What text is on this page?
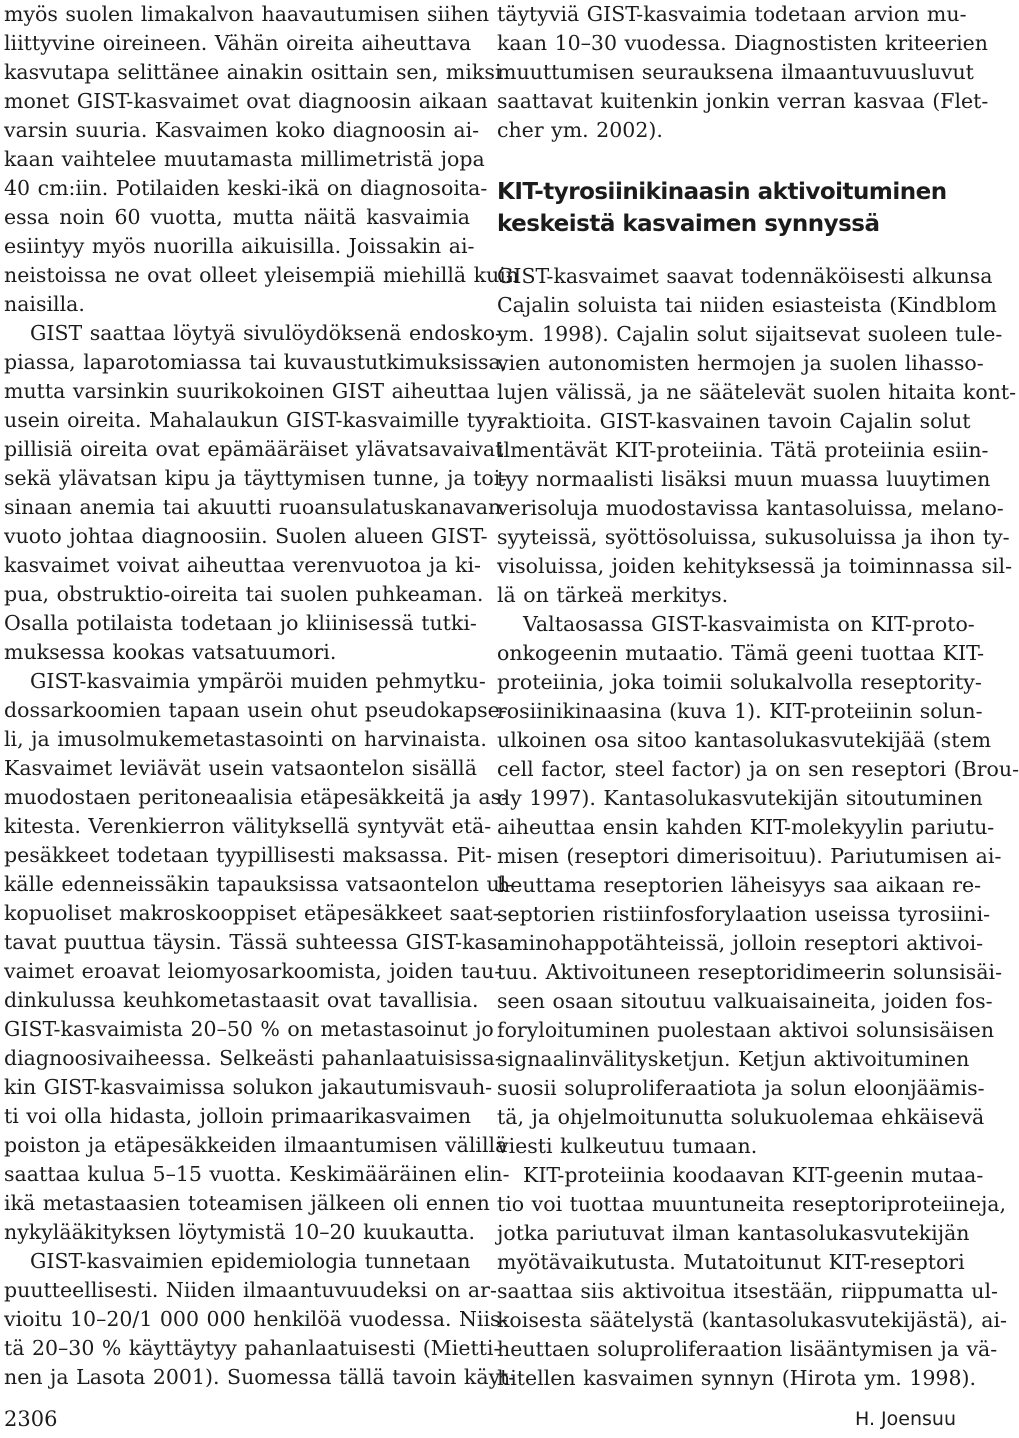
myös suolen limakalvon haavautumisen siihen
liittyvine oireineen. Vähän oireita aiheuttava
kasvutapa selittänee ainakin osittain sen, miksi
monet GIST-kasvaimet ovat diagnoosin aikaan
varsin suuria. Kasvaimen koko diagnoosin ai-
kaan vaihtelee muutamasta millimetristä jopa
40 cm:iin. Potilaiden keski-ikä on diagnosoita-
essa noin 60 vuotta, mutta näitä kasvaimia
esiintyy myös nuorilla aikuisilla. Joissakin ai-
neistoissa ne ovat olleet yleisempiä miehillä kuin
naisilla.
GIST saattaa löytyä sivulöydöksenä endosko-
piassa, laparotomiassa tai kuvaustutkimuksissa,
mutta varsinkin suurikokoinen GIST aiheuttaa
usein oireita. Mahalaukun GIST-kasvaimille tyy-
pillisiä oireita ovat epämääräiset ylävatsavaivat
sekä ylävatsan kipu ja täyttymisen tunne, ja toi-
sinaan anemia tai akuutti ruoansulatuskanavan
vuoto johtaa diagnoosiin. Suolen alueen GIST-
kasvaimet voivat aiheuttaa verenvuotoa ja ki-
pua, obstruktio-oireita tai suolen puhkeaman.
Osalla potilaista todetaan jo kliinisessä tutki-
muksessa kookas vatsatuumori.
GIST-kasvaimia ympäröi muiden pehmytku-
dossarkoomien tapaan usein ohut pseudokapse-
li, ja imusolmukemetastasointi on harvinaista.
Kasvaimet leviävät usein vatsaontelon sisällä
muodostaen peritoneaalisia etäpesäkkeitä ja as-
kitesta. Verenkierron välityksellä syntyvät etä-
pesäkkeet todetaan tyypillisesti maksassa. Pit-
källe edenneissäkin tapauksissa vatsaontelon ul-
kopuoliset makroskooppiset etäpesäkkeet saat-
tavat puuttua täysin. Tässä suhteessa GIST-kas-
vaimet eroavat leiomyosarkoomista, joiden tau-
dinkulussa keuhkometastaasit ovat tavallisia.
GIST-kasvaimista 20–50 % on metastasoinut jo
diagnoosivaiheessa. Selkeästi pahanlaatuisissa-
kin GIST-kasvaimissa solukon jakautumisvauh-
ti voi olla hidasta, jolloin primaarikasvaimen
poiston ja etäpesäkkeiden ilmaantumisen välillä
saattaa kulua 5–15 vuotta. Keskimääräinen elin-
ikä metastaasien toteamisen jälkeen oli ennen
nykylääkityksen löytymistä 10–20 kuukautta.
GIST-kasvaimien epidemiologia tunnetaan
puutteellisesti. Niiden ilmaantuvuudeksi on ar-
vioitu 10–20/1 000 000 henkilöä vuodessa. Niis-
tä 20–30 % käyttäytyy pahanlaatuisesti (Mietti-
nen ja Lasota 2001). Suomessa tällä tavoin käyt-
täytyviä GIST-kasvaimia todetaan arvion mu-
kaan 10–30 vuodessa. Diagnostisten kriteerien
muuttumisen seurauksena ilmaantuvuusluvut
saattavat kuitenkin jonkin verran kasvaa (Flet-
cher ym. 2002).
KIT-tyrosiinikinaasin aktivoituminen
keskeistä kasvaimen synnyssä
GIST-kasvaimet saavat todennäköisesti alkunsa
Cajalin soluista tai niiden esiasteista (Kindblom
ym. 1998). Cajalin solut sijaitsevat suoleen tule-
vien autonomisten hermojen ja suolen lihasso-
lujen välissä, ja ne säätelevät suolen hitaita kont-
raktioita. GIST-kasvainen tavoin Cajalin solut
ilmentävät KIT-proteiinia. Tätä proteiinia esiin-
tyy normaalisti lisäksi muun muassa luuytimen
verisoluja muodostavissa kantasoluissa, melano-
syyteissä, syöttösoluissa, sukusoluissa ja ihon ty-
visoluissa, joiden kehityksessä ja toiminnassa sil-
lä on tärkeä merkitys.
Valtaosassa GIST-kasvaimista on KIT-proto-
onkogeenin mutaatio. Tämä geeni tuottaa KIT-
proteiinia, joka toimii solukalvolla reseptority-
rosiinikinaasina (kuva 1). KIT-proteiinin solun-
ulkoinen osa sitoo kantasolukasvutekijää (stem
cell factor, steel factor) ja on sen reseptori (Brou-
dy 1997). Kantasolukasvutekijän sitoutuminen
aiheuttaa ensin kahden KIT-molekyylin pariutu-
misen (reseptori dimerisoituu). Pariutumisen ai-
heuttama reseptorien läheisyys saa aikaan re-
septorien ristiinfosforylaation useissa tyrosiini-
aminohappotähteissä, jolloin reseptori aktivoi-
tuu. Aktivoituneen reseptoridimeerin solunsisäi-
seen osaan sitoutuu valkuaisaineita, joiden fos-
foryloituminen puolestaan aktivoi solunsisäisen
signaalinvälitysketjun. Ketjun aktivoituminen
suosii soluproliferaatiota ja solun eloonjäämis-
tä, ja ohjelmoitunutta solukuolemaa ehkäisevä
viesti kulkeutuu tumaan.
KIT-proteiinia koodaavan KIT-geenin mutaa-
tio voi tuottaa muuntuneita reseptoriproteiineja,
jotka pariutuvat ilman kantasolukasvutekijän
myötävaikutusta. Mutatoitunut KIT-reseptori
saattaa siis aktivoitua itsestään, riippumatta ul-
koisesta säätelystä (kantasolukasvutekijästä), ai-
heuttaen soluproliferaation lisääntymisen ja vä-
hitellen kasvaimen synnyn (Hirota ym. 1998).
2306	H. Joensuu
